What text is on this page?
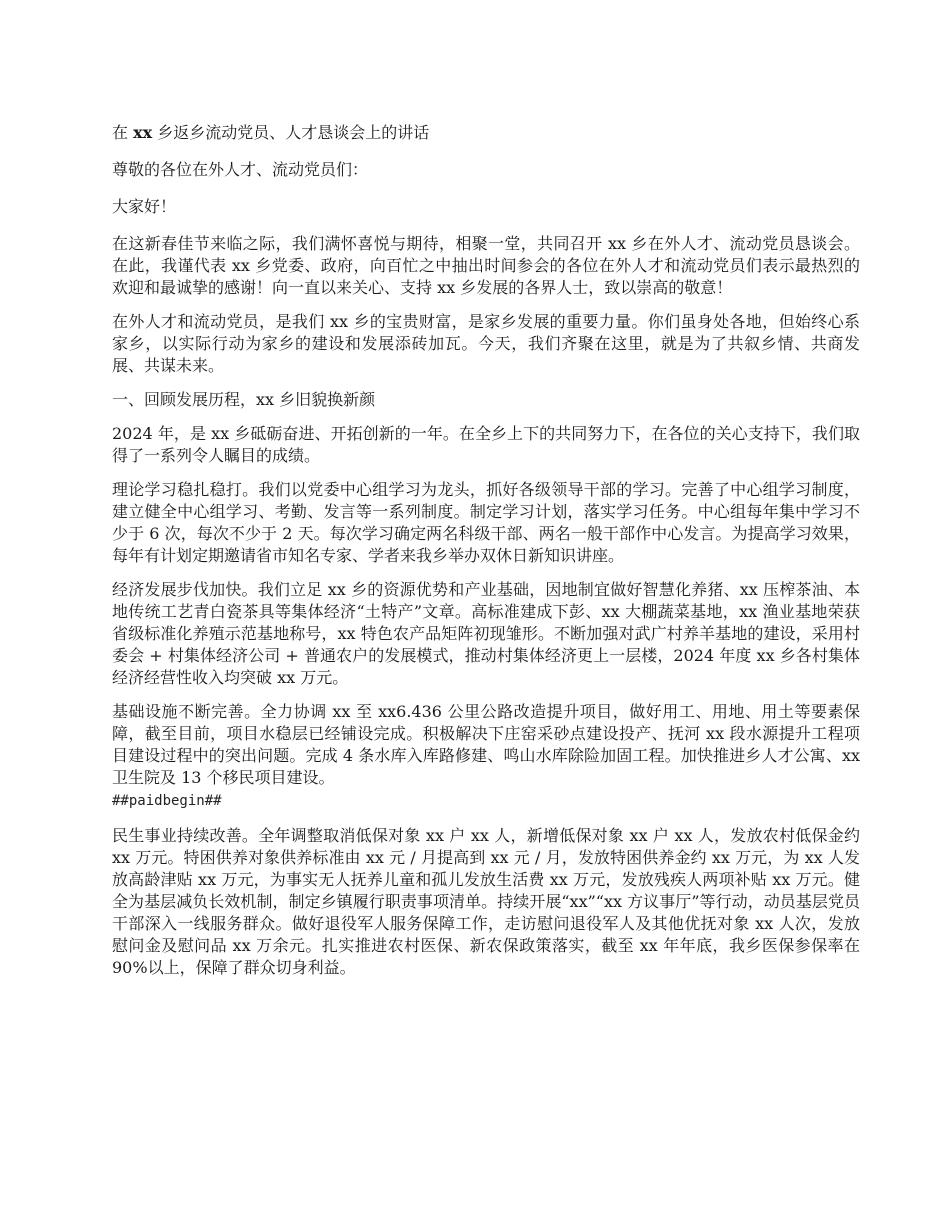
在 xx 乡返乡流动党员、人才恳谈会上的讲话

尊敬的各位在外人才、流动党员们：

大家好！

在这新春佳节来临之际，我们满怀喜悦与期待，相聚一堂，共同召开 xx 乡在外人才、流动党员恳谈会。在此，我谨代表 xx 乡党委、政府，向百忙之中抽出时间参会的各位在外人才和流动党员们表示最热烈的欢迎和最诚挚的感谢！向一直以来关心、支持 xx 乡发展的各界人士，致以崇高的敬意！

在外人才和流动党员，是我们 xx 乡的宝贵财富，是家乡发展的重要力量。你们虽身处各地，但始终心系家乡，以实际行动为家乡的建设和发展添砖加瓦。今天，我们齐聚在这里，就是为了共叙乡情、共商发展、共谋未来。

一、回顾发展历程，xx 乡旧貌换新颜

2024 年，是 xx 乡砥砺奋进、开拓创新的一年。在全乡上下的共同努力下，在各位的关心支持下，我们取得了一系列令人瞩目的成绩。

理论学习稳扎稳打。我们以党委中心组学习为龙头，抓好各级领导干部的学习。完善了中心组学习制度，建立健全中心组学习、考勤、发言等一系列制度。制定学习计划，落实学习任务。中心组每年集中学习不少于 6 次，每次不少于 2 天。每次学习确定两名科级干部、两名一般干部作中心发言。为提高学习效果，每年有计划定期邀请省市知名专家、学者来我乡举办双休日新知识讲座。

经济发展步伐加快。我们立足 xx 乡的资源优势和产业基础，因地制宜做好智慧化养猪、xx 压榨茶油、本地传统工艺青白瓷茶具等集体经济“土特产”文章。高标准建成下彭、xx 大棚蔬菜基地，xx 渔业基地荣获省级标准化养殖示范基地称号，xx 特色农产品矩阵初现雏形。不断加强对武广村养羊基地的建设，采用村委会 + 村集体经济公司 + 普通农户的发展模式，推动村集体经济更上一层楼，2024 年度 xx 乡各村集体经济经营性收入均突破 xx 万元。

基础设施不断完善。全力协调 xx 至 xx6.436 公里公路改造提升项目，做好用工、用地、用土等要素保障，截至目前，项目水稳层已经铺设完成。积极解决下庄窑采砂点建设投产、抚河 xx 段水源提升工程项目建设过程中的突出问题。完成 4 条水库入库路修建、鸣山水库除险加固工程。加快推进乡人才公寓、xx 卫生院及 13 个移民项目建设。

##paidbegin##

民生事业持续改善。全年调整取消低保对象 xx 户 xx 人，新增低保对象 xx 户 xx 人，发放农村低保金约 xx 万元。特困供养对象供养标准由 xx 元 / 月提高到 xx 元 / 月，发放特困供养金约 xx 万元，为 xx 人发放高龄津贴 xx 万元，为事实无人抚养儿童和孤儿发放生活费 xx 万元，发放残疾人两项补贴 xx 万元。健全为基层减负长效机制，制定乡镇履行职责事项清单。持续开展“xx”“xx 方议事厅”等行动，动员基层党员干部深入一线服务群众。做好退役军人服务保障工作，走访慰问退役军人及其他优抚对象 xx 人次，发放慰问金及慰问品 xx 万余元。扎实推进农村医保、新农保政策落实，截至 xx 年年底，我乡医保参保率在 90%以上，保障了群众切身利益。
